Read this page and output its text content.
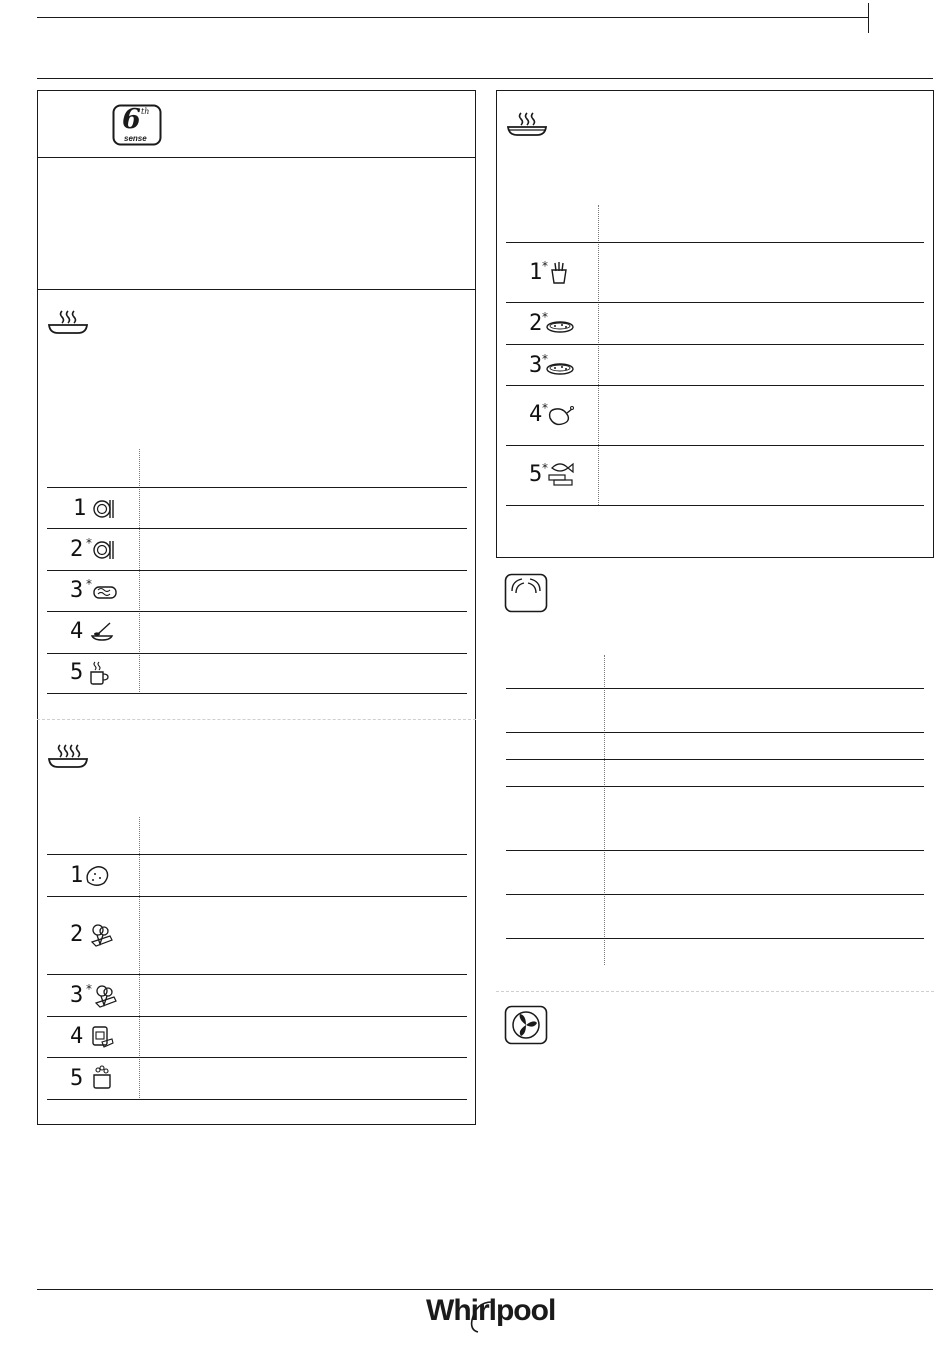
6 th
sense
1
2 *
3 *
4
5
1
2
3 *
4
5
1 *
2 *
3 *
4 *
5 *
Whirlpool
